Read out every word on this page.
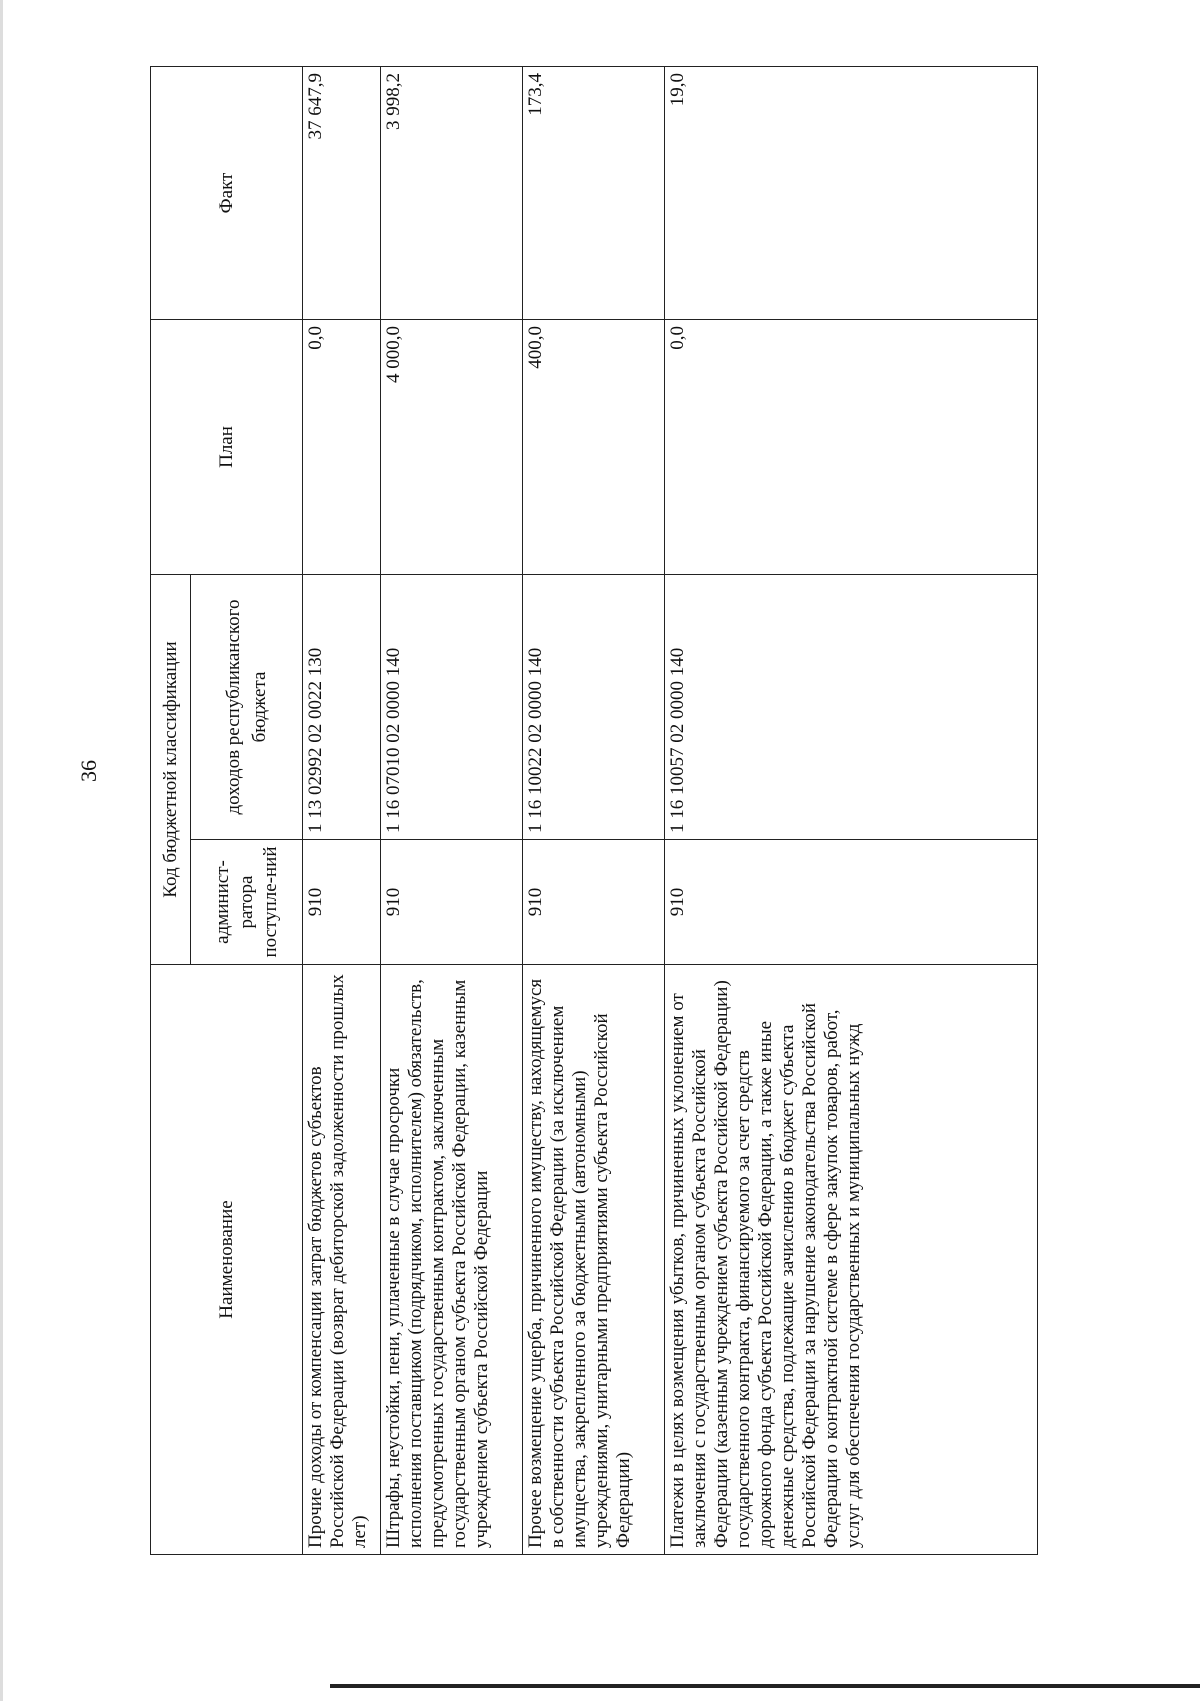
36
Наименование	Код бюджетной классификации		План	Факт
	админист-ратора поступле-ний	доходов республиканского бюджета		
Прочие доходы от компенсации затрат бюджетов субъектов Российской Федерации (возврат дебиторской задолженности прошлых лет)	910	1 13 02992 02 0022 130	0,0	37 647,9
Штрафы, неустойки, пени, уплаченные в случае просрочки исполнения поставщиком (подрядчиком, исполнителем) обязательств, предусмотренных государственным контрактом, заключенным государственным органом субъекта Российской Федерации, казенным учреждением субъекта Российской Федерации	910	1 16 07010 02 0000 140	4 000,0	3 998,2
Прочее возмещение ущерба, причиненного имуществу, находящемуся в собственности субъекта Российской Федерации (за исключением имущества, закрепленного за бюджетными (автономными) учреждениями, унитарными предприятиями субъекта Российской Федерации)	910	1 16 10022 02 0000 140	400,0	173,4
Платежи в целях возмещения убытков, причиненных уклонением от заключения с государственным органом субъекта Российской Федерации (казенным учреждением субъекта Российской Федерации) государственного контракта, финансируемого за счет средств дорожного фонда субъекта Российской Федерации, а также иные денежные средства, подлежащие зачислению в бюджет субъекта Российской Федерации за нарушение законодательства Российской Федерации о контрактной системе в сфере закупок товаров, работ, услуг для обеспечения государственных и муниципальных нужд	910	1 16 10057 02 0000 140	0,0	19,0
